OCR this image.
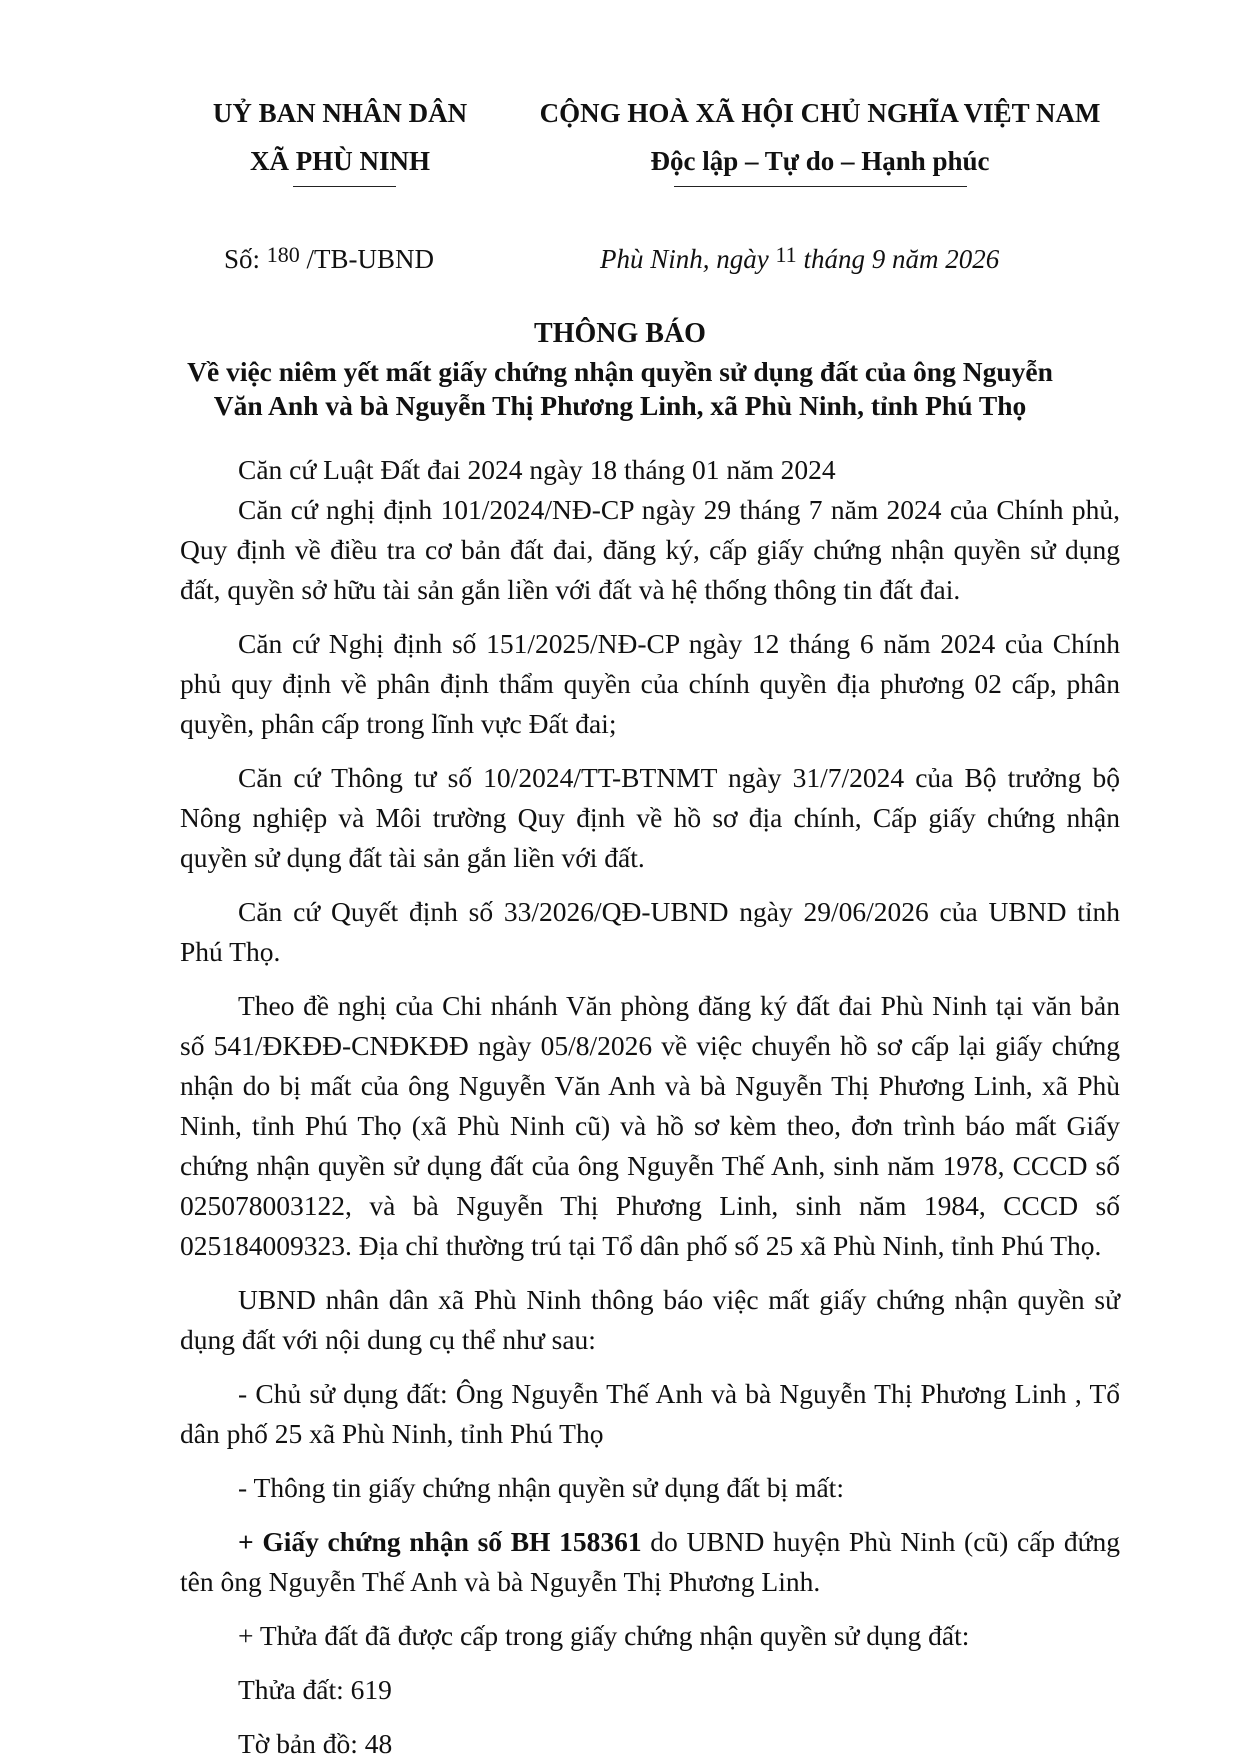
UỶ BAN NHÂN DÂN
XÃ PHÙ NINH
CỘNG HOÀ XÃ HỘI CHỦ NGHĨA VIỆT NAM
Độc lập – Tự do – Hạnh phúc
Số: $^{180}$ /TB-UBND	Phù Ninh, ngày $^{11}$ tháng 9 năm 2026
THÔNG BÁO
Về việc niêm yết mất giấy chứng nhận quyền sử dụng đất của ông Nguyễn
Văn Anh và bà Nguyễn Thị Phương Linh, xã Phù Ninh, tỉnh Phú Thọ

Căn cứ Luật Đất đai 2024 ngày 18 tháng 01 năm 2024

Căn cứ nghị định 101/2024/NĐ-CP ngày 29 tháng 7 năm 2024 của Chính phủ, Quy định về điều tra cơ bản đất đai, đăng ký, cấp giấy chứng nhận quyền sử dụng đất, quyền sở hữu tài sản gắn liền với đất và hệ thống thông tin đất đai.

Căn cứ Nghị định số 151/2025/NĐ-CP ngày 12 tháng 6 năm 2024 của Chính phủ quy định về phân định thẩm quyền của chính quyền địa phương 02 cấp, phân quyền, phân cấp trong lĩnh vực Đất đai;

Căn cứ Thông tư số 10/2024/TT-BTNMT ngày 31/7/2024 của Bộ trưởng bộ Nông nghiệp và Môi trường Quy định về hồ sơ địa chính, Cấp giấy chứng nhận quyền sử dụng đất tài sản gắn liền với đất.

Căn cứ Quyết định số 33/2026/QĐ-UBND ngày 29/06/2026 của UBND tỉnh Phú Thọ.

Theo đề nghị của Chi nhánh Văn phòng đăng ký đất đai Phù Ninh tại văn bản số 541/ĐKĐĐ-CNĐKĐĐ ngày 05/8/2026 về việc chuyển hồ sơ cấp lại giấy chứng nhận do bị mất của ông Nguyễn Văn Anh và bà Nguyễn Thị Phương Linh, xã Phù Ninh, tỉnh Phú Thọ (xã Phù Ninh cũ) và hồ sơ kèm theo, đơn trình báo mất Giấy chứng nhận quyền sử dụng đất của ông Nguyễn Thế Anh, sinh năm 1978, CCCD số 025078003122, và bà Nguyễn Thị Phương Linh, sinh năm 1984, CCCD số 025184009323. Địa chỉ thường trú tại Tổ dân phố số 25 xã Phù Ninh, tỉnh Phú Thọ.

UBND nhân dân xã Phù Ninh thông báo việc mất giấy chứng nhận quyền sử dụng đất với nội dung cụ thể như sau:

- Chủ sử dụng đất: Ông Nguyễn Thế Anh và bà Nguyễn Thị Phương Linh , Tổ dân phố 25 xã Phù Ninh, tỉnh Phú Thọ

- Thông tin giấy chứng nhận quyền sử dụng đất bị mất:

+ Giấy chứng nhận số BH 158361 do UBND huyện Phù Ninh (cũ) cấp đứng tên ông Nguyễn Thế Anh và bà Nguyễn Thị Phương Linh.

+ Thửa đất đã được cấp trong giấy chứng nhận quyền sử dụng đất:

Thửa đất: 619

Tờ bản đồ: 48
